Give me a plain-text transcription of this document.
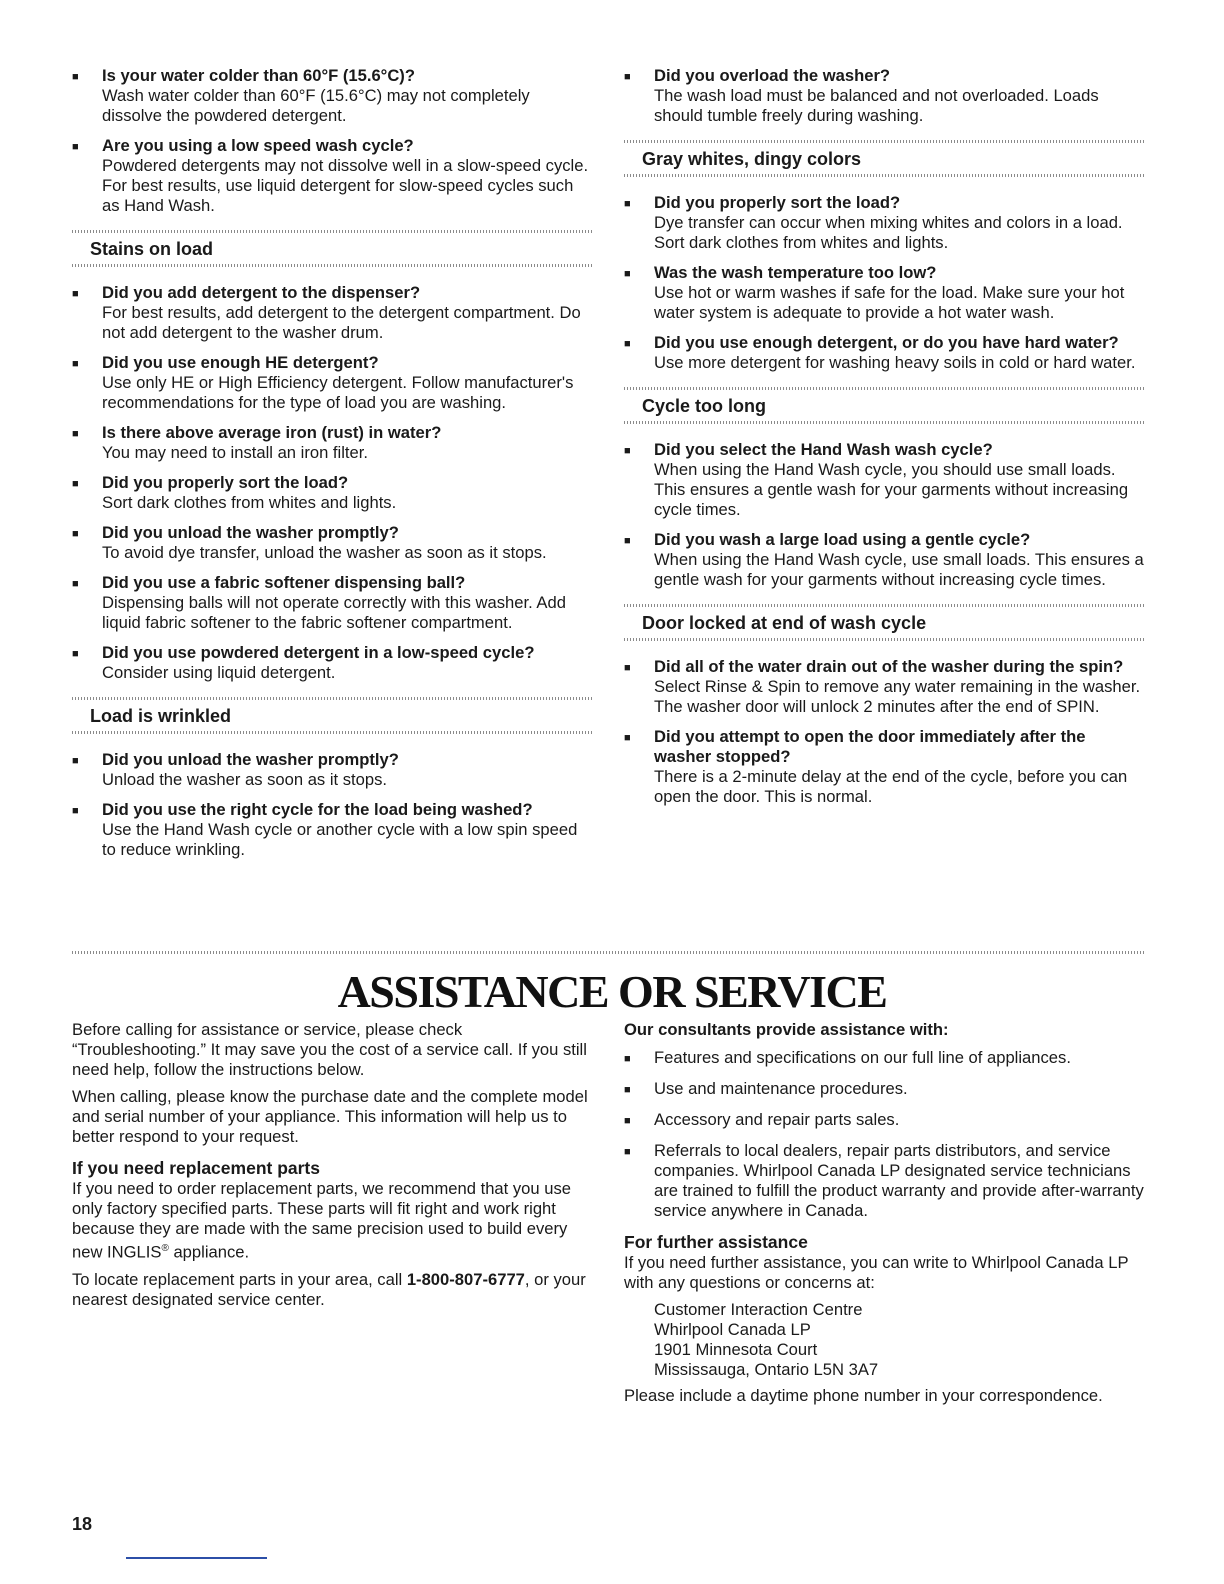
■	Is your water colder than 60°F (15.6°C)?
Wash water colder than 60°F (15.6°C) may not completely dissolve the powdered detergent.
■	Are you using a low speed wash cycle?
Powdered detergents may not dissolve well in a slow-speed cycle. For best results, use liquid detergent for slow-speed cycles such as Hand Wash.
Stains on load
■	Did you add detergent to the dispenser?
For best results, add detergent to the detergent compartment. Do not add detergent to the washer drum.
■	Did you use enough HE detergent?
Use only HE or High Efficiency detergent. Follow manufacturer's recommendations for the type of load you are washing.
■	Is there above average iron (rust) in water?
You may need to install an iron filter.
■	Did you properly sort the load?
Sort dark clothes from whites and lights.
■	Did you unload the washer promptly?
To avoid dye transfer, unload the washer as soon as it stops.
■	Did you use a fabric softener dispensing ball?
Dispensing balls will not operate correctly with this washer. Add liquid fabric softener to the fabric softener compartment.
■	Did you use powdered detergent in a low-speed cycle?
Consider using liquid detergent.
Load is wrinkled
■	Did you unload the washer promptly?
Unload the washer as soon as it stops.
■	Did you use the right cycle for the load being washed?
Use the Hand Wash cycle or another cycle with a low spin speed to reduce wrinkling.
■	Did you overload the washer?
The wash load must be balanced and not overloaded. Loads should tumble freely during washing.
Gray whites, dingy colors
■	Did you properly sort the load?
Dye transfer can occur when mixing whites and colors in a load. Sort dark clothes from whites and lights.
■	Was the wash temperature too low?
Use hot or warm washes if safe for the load. Make sure your hot water system is adequate to provide a hot water wash.
■	Did you use enough detergent, or do you have hard water?
Use more detergent for washing heavy soils in cold or hard water.
Cycle too long
■	Did you select the Hand Wash wash cycle?
When using the Hand Wash cycle, you should use small loads. This ensures a gentle wash for your garments without increasing cycle times.
■	Did you wash a large load using a gentle cycle?
When using the Hand Wash cycle, use small loads. This ensures a gentle wash for your garments without increasing cycle times.
Door locked at end of wash cycle
■	Did all of the water drain out of the washer during the spin?
Select Rinse & Spin to remove any water remaining in the washer. The washer door will unlock 2 minutes after the end of SPIN.
■	Did you attempt to open the door immediately after the washer stopped?
There is a 2-minute delay at the end of the cycle, before you can open the door. This is normal.
ASSISTANCE OR SERVICE
Before calling for assistance or service, please check “Troubleshooting.” It may save you the cost of a service call. If you still need help, follow the instructions below.
When calling, please know the purchase date and the complete model and serial number of your appliance. This information will help us to better respond to your request.
If you need replacement parts
If you need to order replacement parts, we recommend that you use only factory specified parts. These parts will fit right and work right because they are made with the same precision used to build every new INGLIS® appliance.
To locate replacement parts in your area, call 1-800-807-6777, or your nearest designated service center.
Our consultants provide assistance with:
■	Features and specifications on our full line of appliances.
■	Use and maintenance procedures.
■	Accessory and repair parts sales.
■	Referrals to local dealers, repair parts distributors, and service companies. Whirlpool Canada LP designated service technicians are trained to fulfill the product warranty and provide after-warranty service anywhere in Canada.
For further assistance
If you need further assistance, you can write to Whirlpool Canada LP with any questions or concerns at:
Customer Interaction Centre
Whirlpool Canada LP
1901 Minnesota Court
Mississauga, Ontario L5N 3A7
Please include a daytime phone number in your correspondence.
18
